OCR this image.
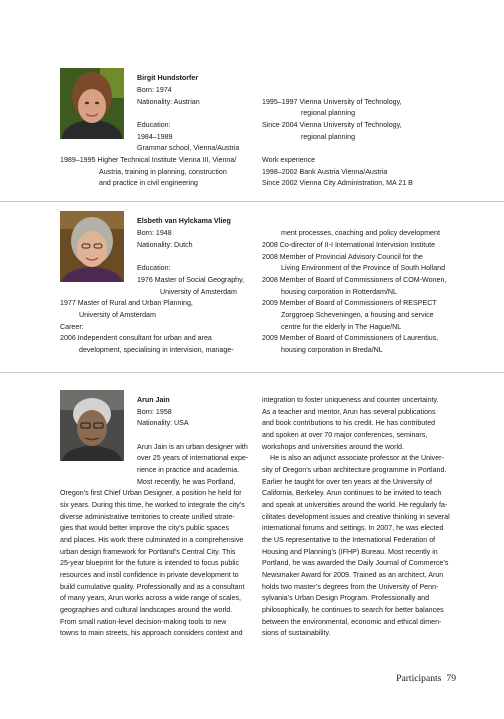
Birgit Hundstorfer
Born: 1974
Nationality: Austrian
Education:
1984–1989
Grammar school, Vienna/Austria
1989–1995 Higher Technical Institute Vienna III, Vienna/
Austria, training in planning, construction
and practice in civil engineering
1995–1997 Vienna University of Technology,
regional planning
Since 2004 Vienna University of Technology,
regional planning
Work experience
1998–2002 Bank Austria Vienna/Austria
Since 2002 Vienna City Administration, MA 21 B
Elsbeth van Hylckama Vlieg
Born: 1948
Nationality: Dutch
Education:
1976 Master of Social Geography,
University of Amsterdam
1977 Master of Rural and Urban Planning,
University of Amsterdam
Career:
2006 Independent consultant for urban and area
development, specialising in intervision, manage-
ment processes, coaching and policy development
2008 Co-director of II-I International Intervision Institute
2008 Member of Provincial Advisory Council for the
Living Environment of the Province of South Holland
2008 Member of Board of Commissioners of COM-Wonen,
housing corporation in Rotterdam/NL
2009 Member of Board of Commissioners of RESPECT
Zorggroep Scheveningen, a housing and service
centre for the elderly in The Hague/NL
2009 Member of Board of Commissioners of Laurentius,
housing corporation in Breda/NL
Arun Jain
Born: 1958
Nationality: USA
Arun Jain is an urban designer with
over 25 years of international expe-
rience in practice and academia.
Most recently, he was Portland,
Oregon’s first Chief Urban Designer, a position he held for
six years. During this time, he worked to integrate the city’s
diverse administrative territories to create unified strate-
gies that would better improve the city’s public spaces
and places. His work there culminated in a comprehensive
urban design framework for Portland’s Central City. This
25-year blueprint for the future is intended to focus public
resources and instil confidence in private development to
build cumulative quality. Professionally and as a consultant
of many years, Arun works across a wide range of scales,
geographies and cultural landscapes around the world.
From small nation-level decision-making tools to new
towns to main streets, his approach considers context and
integration to foster uniqueness and counter uncertainty.
As a teacher and mentor, Arun has several publications
and book contributions to his credit. He has contributed
and spoken at over 70 major conferences, seminars,
workshops and universities around the world.
He is also an adjunct associate professor at the Univer-
sity of Oregon’s urban architecture programme in Portland.
Earlier he taught for over ten years at the University of
California, Berkeley. Arun continues to be invited to teach
and speak at universities around the world. He regularly fa-
cilitates development issues and creative thinking in several
international forums and settings. In 2007, he was elected
the US representative to the International Federation of
Housing and Planning’s (IFHP) Bureau. Most recently in
Portland, he was awarded the Daily Journal of Commerce’s
Newsmaker Award for 2009. Trained as an architect, Arun
holds two master’s degrees from the University of Penn-
sylvania’s Urban Design Program. Professionally and
philosophically, he continues to search for better balances
between the environmental, economic and ethical dimen-
sions of sustainability.
Participants 79
